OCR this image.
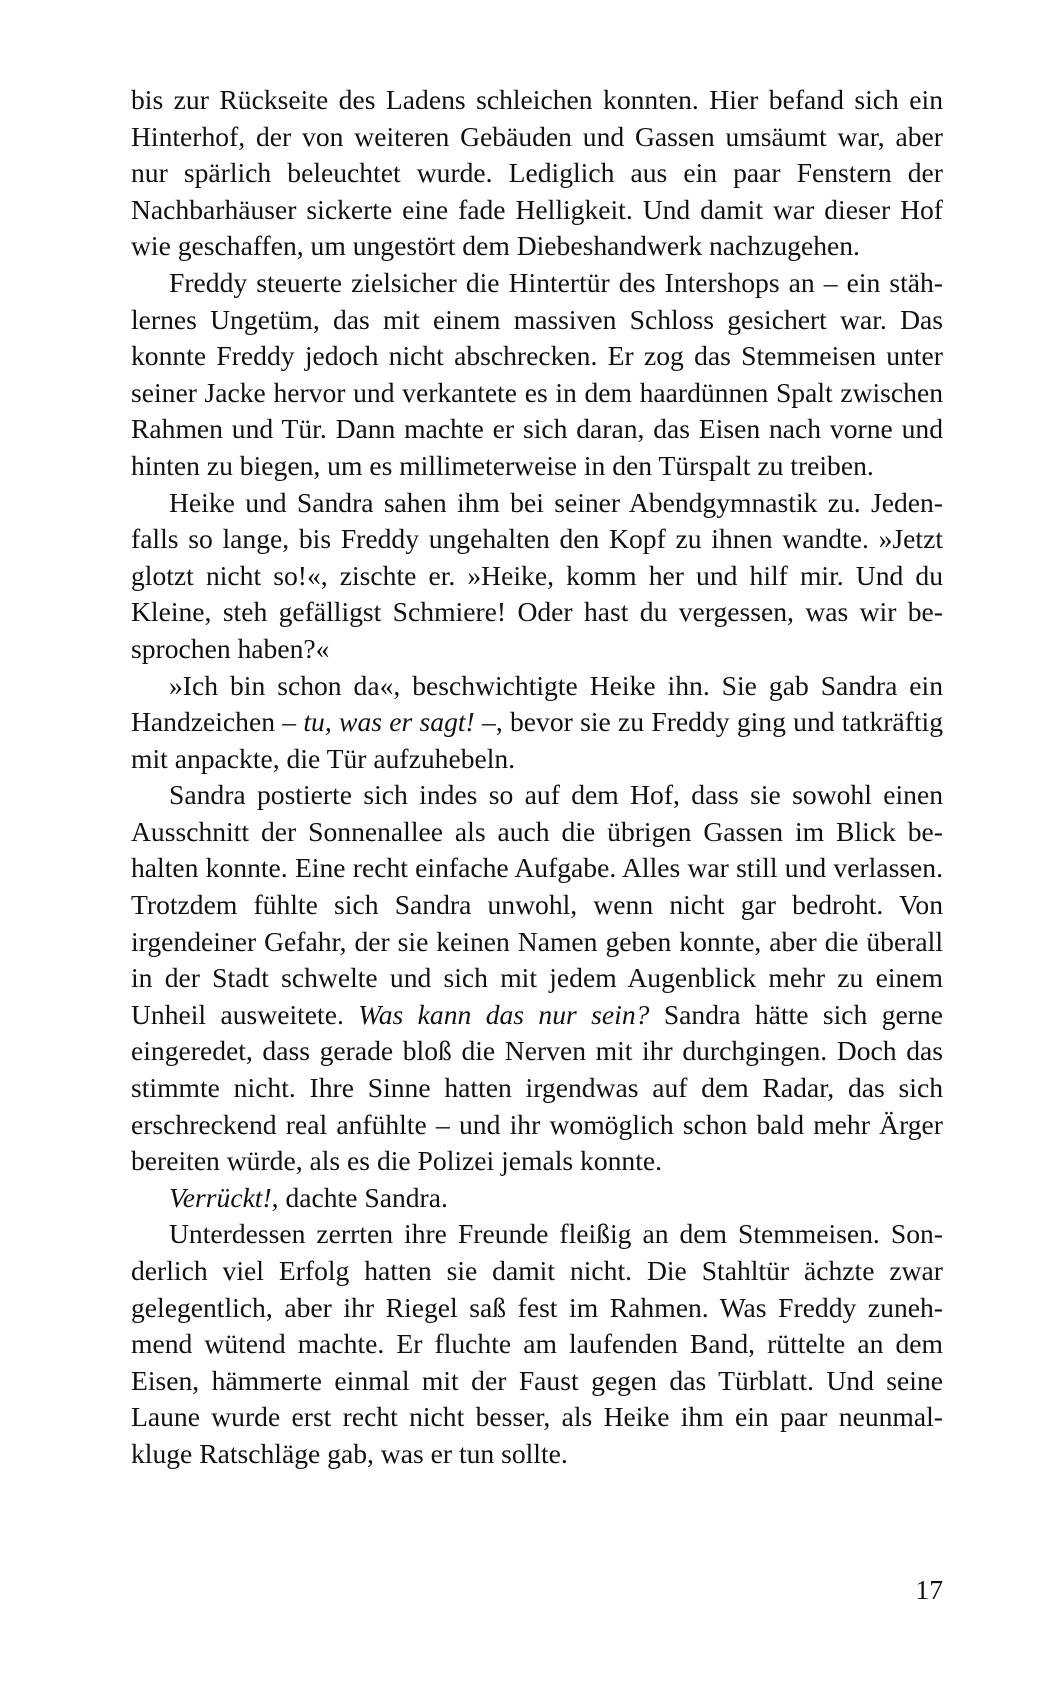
bis zur Rückseite des Ladens schleichen konnten. Hier befand sich ein Hinterhof, der von weiteren Gebäuden und Gassen umsäumt war, aber nur spärlich beleuchtet wurde. Lediglich aus ein paar Fenstern der Nachbarhäuser sickerte eine fade Helligkeit. Und damit war dieser Hof wie geschaffen, um ungestört dem Diebeshandwerk nachzugehen.

Freddy steuerte zielsicher die Hintertür des Intershops an – ein stählernes Ungetüm, das mit einem massiven Schloss gesichert war. Das konnte Freddy jedoch nicht abschrecken. Er zog das Stemmeisen unter seiner Jacke hervor und verkantete es in dem haardünnen Spalt zwischen Rahmen und Tür. Dann machte er sich daran, das Eisen nach vorne und hinten zu biegen, um es millimeterweise in den Türspalt zu treiben.

Heike und Sandra sahen ihm bei seiner Abendgymnastik zu. Jedenfalls so lange, bis Freddy ungehalten den Kopf zu ihnen wandte. »Jetzt glotzt nicht so!«, zischte er. »Heike, komm her und hilf mir. Und du Kleine, steh gefälligst Schmiere! Oder hast du vergessen, was wir besprochen haben?«

»Ich bin schon da«, beschwichtigte Heike ihn. Sie gab Sandra ein Handzeichen – tu, was er sagt! –, bevor sie zu Freddy ging und tatkräftig mit anpackte, die Tür aufzuhebeln.

Sandra postierte sich indes so auf dem Hof, dass sie sowohl einen Ausschnitt der Sonnenallee als auch die übrigen Gassen im Blick behalten konnte. Eine recht einfache Aufgabe. Alles war still und verlassen. Trotzdem fühlte sich Sandra unwohl, wenn nicht gar bedroht. Von irgendeiner Gefahr, der sie keinen Namen geben konnte, aber die überall in der Stadt schwelte und sich mit jedem Augenblick mehr zu einem Unheil ausweitete. Was kann das nur sein? Sandra hätte sich gerne eingeredet, dass gerade bloß die Nerven mit ihr durchgingen. Doch das stimmte nicht. Ihre Sinne hatten irgendwas auf dem Radar, das sich erschreckend real anfühlte – und ihr womöglich schon bald mehr Ärger bereiten würde, als es die Polizei jemals konnte.

Verrückt!, dachte Sandra.

Unterdessen zerrten ihre Freunde fleißig an dem Stemmeisen. Sonderlich viel Erfolg hatten sie damit nicht. Die Stahltür ächzte zwar gelegentlich, aber ihr Riegel saß fest im Rahmen. Was Freddy zunehmend wütend machte. Er fluchte am laufenden Band, rüttelte an dem Eisen, hämmerte einmal mit der Faust gegen das Türblatt. Und seine Laune wurde erst recht nicht besser, als Heike ihm ein paar neunmalkluge Ratschläge gab, was er tun sollte.

17
